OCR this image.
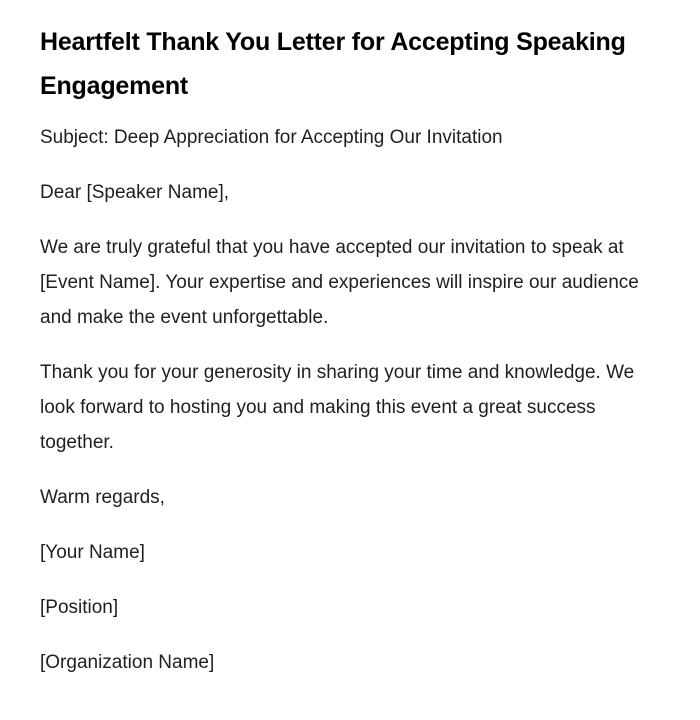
Heartfelt Thank You Letter for Accepting Speaking Engagement

Subject: Deep Appreciation for Accepting Our Invitation

Dear [Speaker Name],

We are truly grateful that you have accepted our invitation to speak at [Event Name]. Your expertise and experiences will inspire our audience and make the event unforgettable.

Thank you for your generosity in sharing your time and knowledge. We look forward to hosting you and making this event a great success together.

Warm regards,

[Your Name]

[Position]

[Organization Name]
